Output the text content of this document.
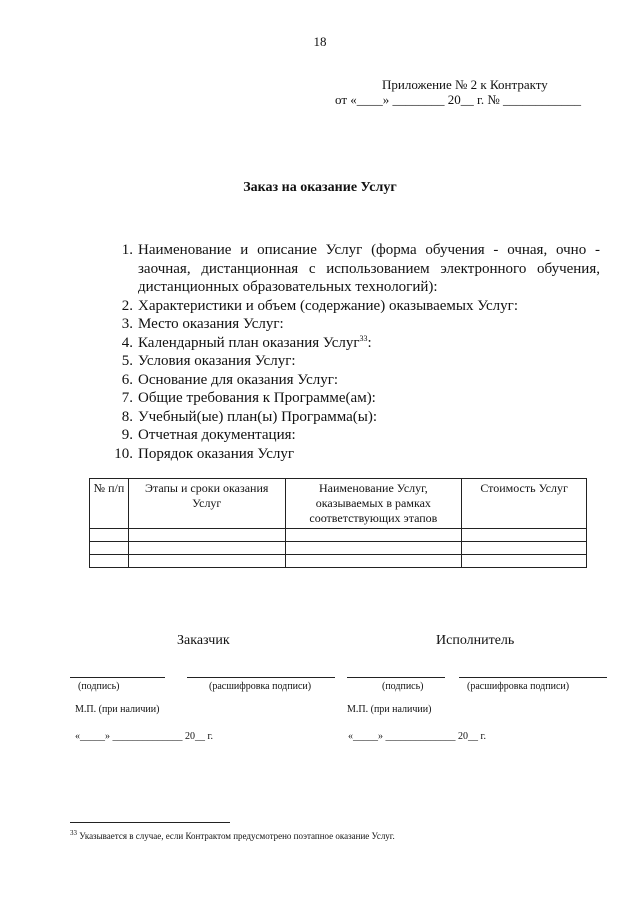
18
Приложение № 2 к Контракту
от «____» ________ 20__ г. № ____________
Заказ на оказание Услуг
1. Наименование и описание Услуг (форма обучения - очная, очно - заочная, дистанционная с использованием электронного обучения, дистанционных образовательных технологий):
2. Характеристики и объем (содержание) оказываемых Услуг:
3. Место оказания Услуг:
4. Календарный план оказания Услуг$^{33}$:
5. Условия оказания Услуг:
6. Основание для оказания Услуг:
7. Общие требования к Программе(ам):
8. Учебный(ые) план(ы) Программа(ы):
9. Отчетная документация:
10. Порядок оказания Услуг
№ п/п	Этапы и сроки оказания Услуг	Наименование Услуг, оказываемых в рамках соответствующих этапов	Стоимость Услуг

Заказчик	Исполнитель
(подпись)	(расшифровка подписи)	(подпись)	(расшифровка подписи)
М.П. (при наличии)	М.П. (при наличии)
«_____» ______________ 20__ г.	«_____» ______________ 20__ г.
$^{33}$ Указывается в случае, если Контрактом предусмотрено поэтапное оказание Услуг.
